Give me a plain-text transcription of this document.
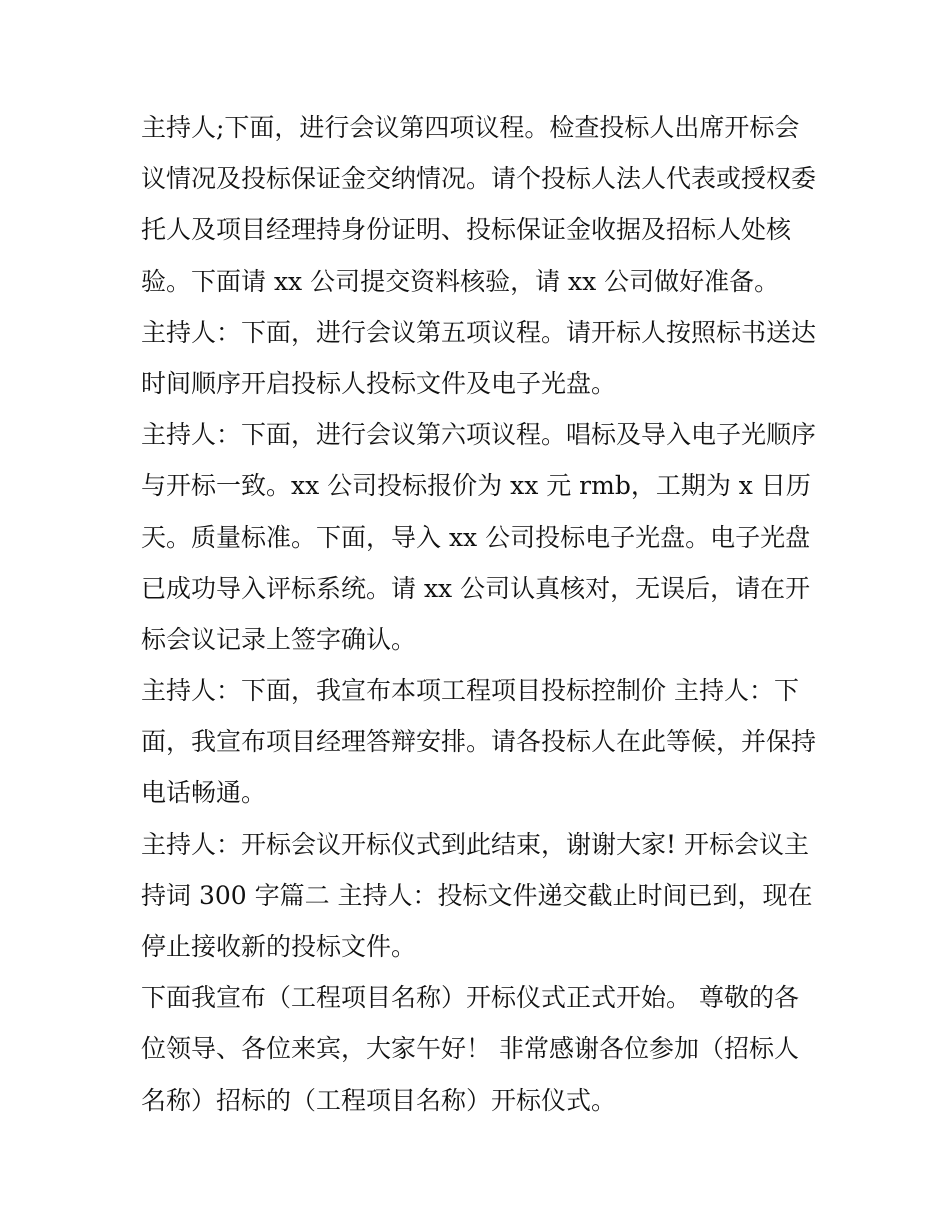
主持人;下面，进行会议第四项议程。检查投标人出席开标会
议情况及投标保证金交纳情况。请个投标人法人代表或授权委
托人及项目经理持身份证明、投标保证金收据及招标人处核
验。下面请 xx 公司提交资料核验，请 xx 公司做好准备。
主持人：下面，进行会议第五项议程。请开标人按照标书送达
时间顺序开启投标人投标文件及电子光盘。
主持人：下面，进行会议第六项议程。唱标及导入电子光顺序
与开标一致。xx 公司投标报价为 xx 元 rmb，工期为 x 日历
天。质量标准。下面，导入 xx 公司投标电子光盘。电子光盘
已成功导入评标系统。请 xx 公司认真核对，无误后，请在开
标会议记录上签字确认。
主持人：下面，我宣布本项工程项目投标控制价 主持人：下
面，我宣布项目经理答辩安排。请各投标人在此等候，并保持
电话畅通。
主持人：开标会议开标仪式到此结束，谢谢大家! 开标会议主
持词 300 字篇二 主持人：投标文件递交截止时间已到，现在
停止接收新的投标文件。
下面我宣布（工程项目名称）开标仪式正式开始。 尊敬的各
位领导、各位来宾，大家午好！ 非常感谢各位参加（招标人
名称）招标的（工程项目名称）开标仪式。
